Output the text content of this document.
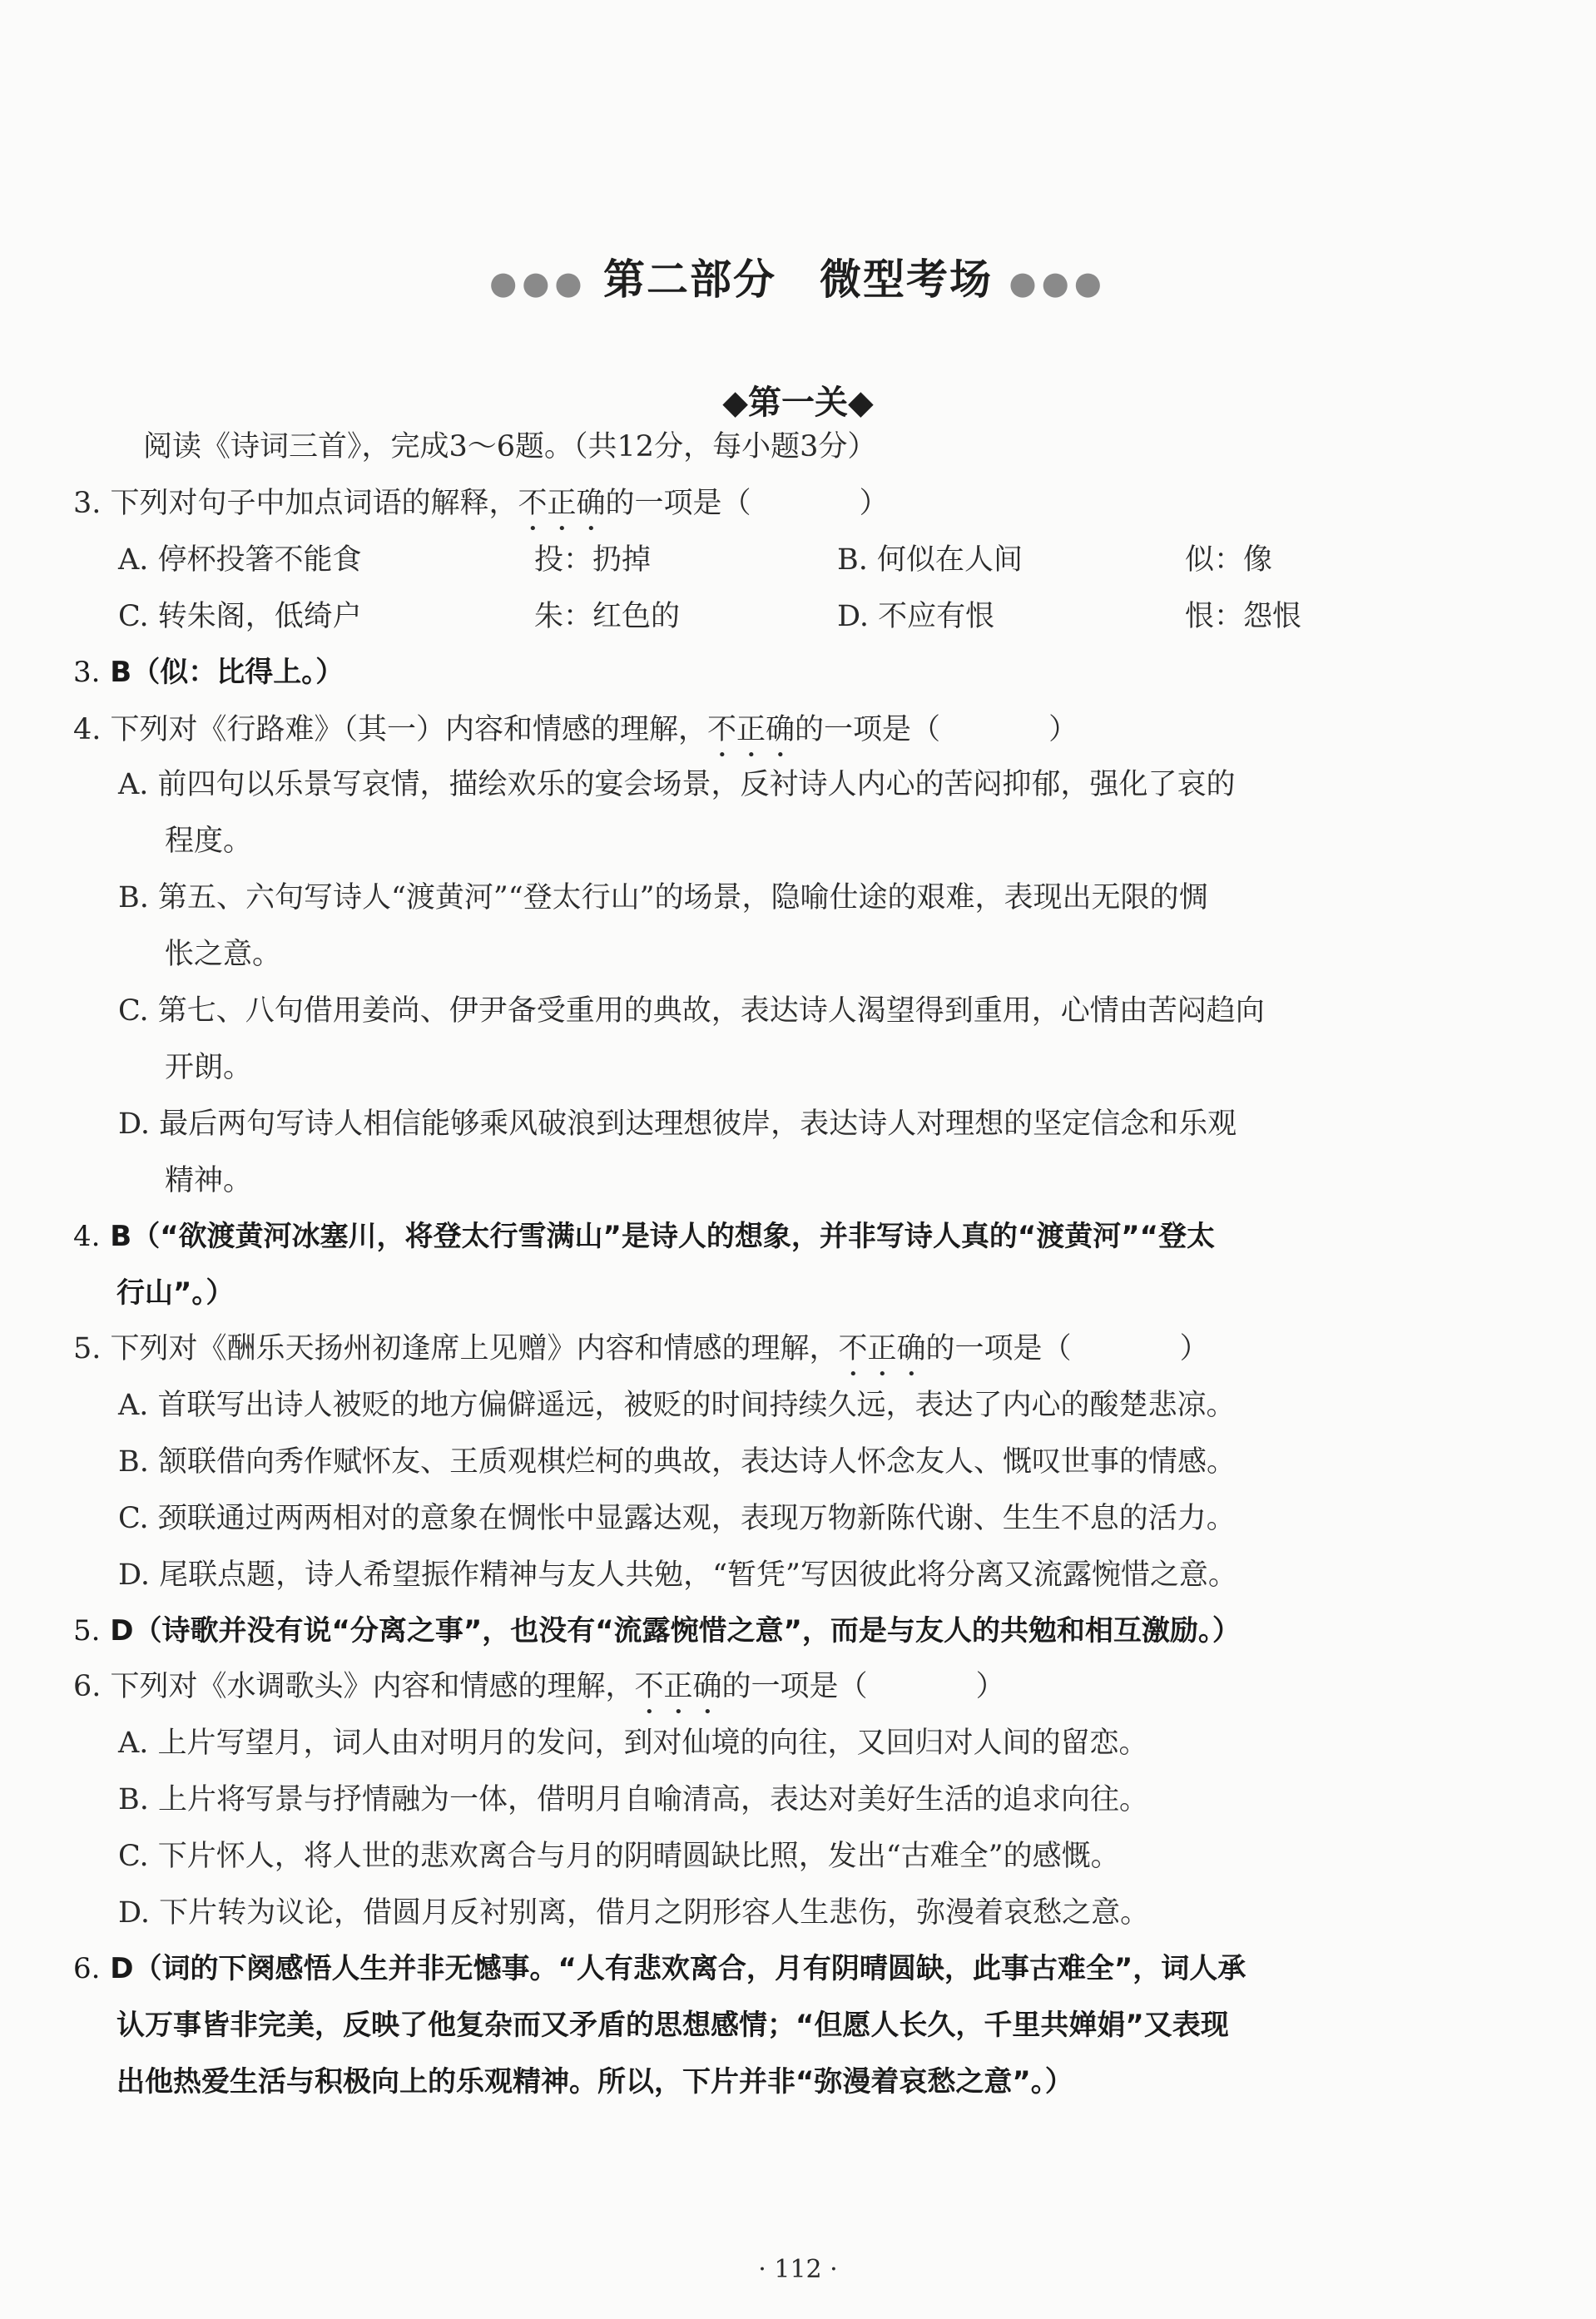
●●● 第二部分　微型考场 ●●●
◆第一关◆
阅读《诗词三首》，完成3～6题。（共12分，每小题3分）
3. 下列对句子中加点词语的解释，不正确的一项是（	）
A. 停杯投箸不能食	投：扔掉	B. 何似在人间	似：像
C. 转朱阁，低绮户	朱：红色的	D. 不应有恨	恨：怨恨
3. B（似：比得上。）
4. 下列对《行路难》（其一）内容和情感的理解，不正确的一项是（	）
A. 前四句以乐景写哀情，描绘欢乐的宴会场景，反衬诗人内心的苦闷抑郁，强化了哀的
程度。
B. 第五、六句写诗人“渡黄河”“登太行山”的场景，隐喻仕途的艰难，表现出无限的惆
怅之意。
C. 第七、八句借用姜尚、伊尹备受重用的典故，表达诗人渴望得到重用，心情由苦闷趋向
开朗。
D. 最后两句写诗人相信能够乘风破浪到达理想彼岸，表达诗人对理想的坚定信念和乐观
精神。
4. B（“欲渡黄河冰塞川，将登太行雪满山”是诗人的想象，并非写诗人真的“渡黄河”“登太
行山”。）
5. 下列对《酬乐天扬州初逢席上见赠》内容和情感的理解，不正确的一项是（	）
A. 首联写出诗人被贬的地方偏僻遥远，被贬的时间持续久远，表达了内心的酸楚悲凉。
B. 颔联借向秀作赋怀友、王质观棋烂柯的典故，表达诗人怀念友人、慨叹世事的情感。
C. 颈联通过两两相对的意象在惆怅中显露达观，表现万物新陈代谢、生生不息的活力。
D. 尾联点题，诗人希望振作精神与友人共勉，“暂凭”写因彼此将分离又流露惋惜之意。
5. D（诗歌并没有说“分离之事”，也没有“流露惋惜之意”，而是与友人的共勉和相互激励。）
6. 下列对《水调歌头》内容和情感的理解，不正确的一项是（	）
A. 上片写望月，词人由对明月的发问，到对仙境的向往，又回归对人间的留恋。
B. 上片将写景与抒情融为一体，借明月自喻清高，表达对美好生活的追求向往。
C. 下片怀人，将人世的悲欢离合与月的阴晴圆缺比照，发出“古难全”的感慨。
D. 下片转为议论，借圆月反衬别离，借月之阴形容人生悲伤，弥漫着哀愁之意。
6. D（词的下阕感悟人生并非无憾事。“人有悲欢离合，月有阴晴圆缺，此事古难全”，词人承
认万事皆非完美，反映了他复杂而又矛盾的思想感情；“但愿人长久，千里共婵娟”又表现
出他热爱生活与积极向上的乐观精神。所以，下片并非“弥漫着哀愁之意”。）
· 112 ·
